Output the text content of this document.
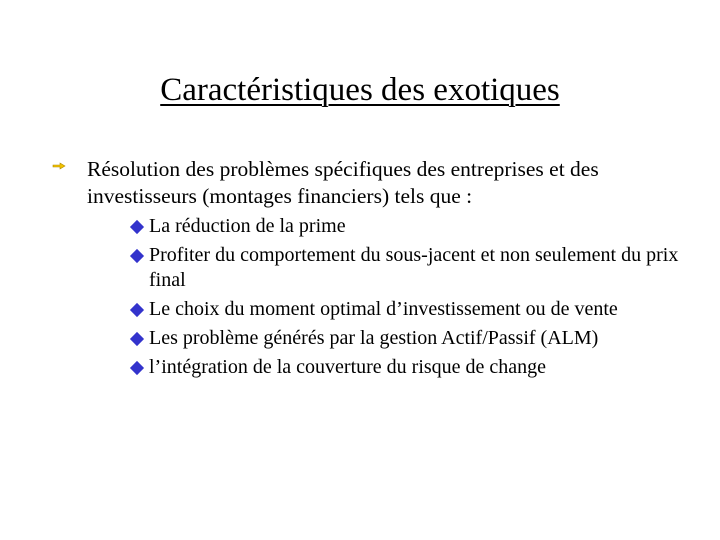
Caractéristiques des exotiques
Résolution des problèmes spécifiques des entreprises et des investisseurs (montages financiers) tels que :
La réduction de la prime
Profiter du comportement du sous-jacent et non seulement du prix final
Le choix du moment optimal d’investissement ou de vente
Les problème générés par la gestion Actif/Passif (ALM)
l’intégration de la couverture du risque de change
